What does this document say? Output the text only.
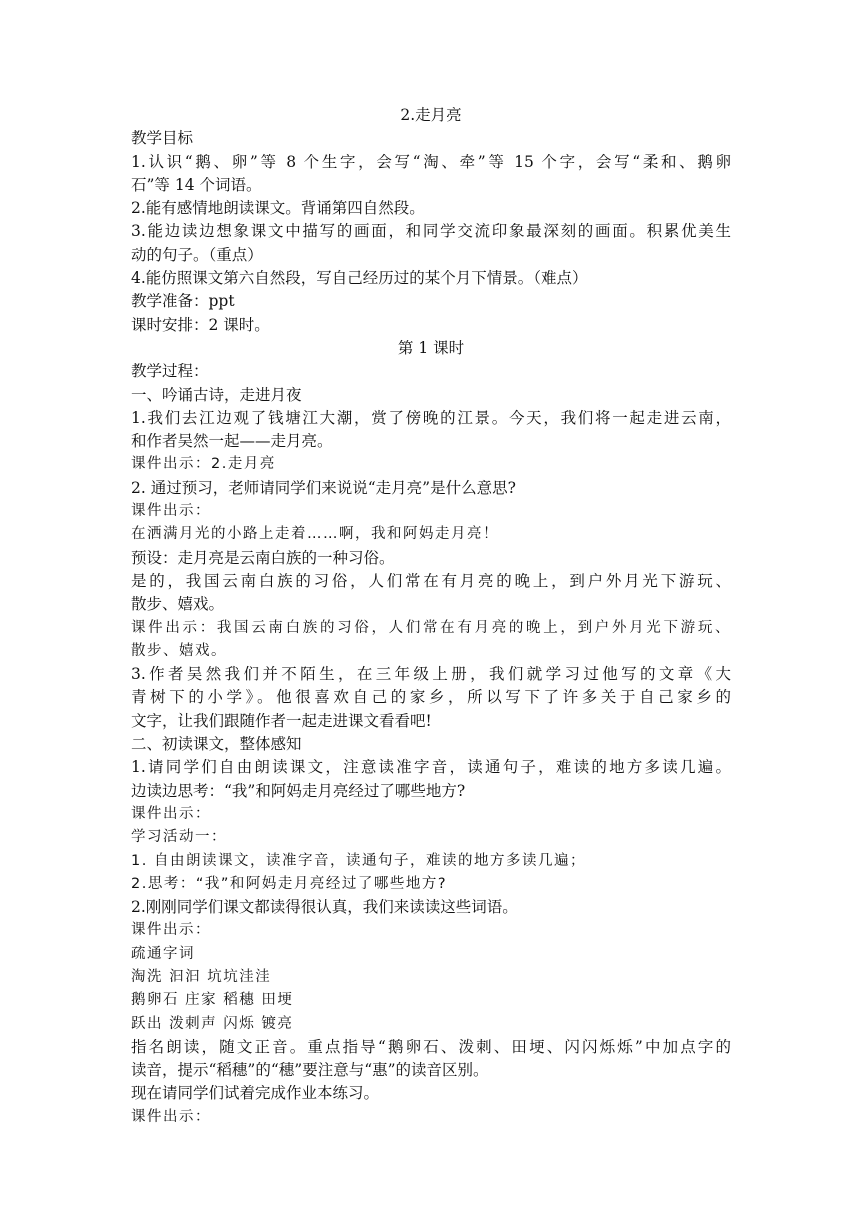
2.走月亮

教学目标

1.认识“鹅、卵”等 8 个生字，会写“淘、牵”等 15 个字，会写“柔和、鹅卵

石”等 14 个词语。

2.能有感情地朗读课文。背诵第四自然段。

3.能边读边想象课文中描写的画面，和同学交流印象最深刻的画面。积累优美生

动的句子。（重点）

4.能仿照课文第六自然段，写自己经历过的某个月下情景。（难点）

教学准备：ppt

课时安排：2 课时。

第 1 课时

教学过程：

一、吟诵古诗，走进月夜

1.我们去江边观了钱塘江大潮，赏了傍晚的江景。今天，我们将一起走进云南，

和作者吴然一起——走月亮。

课件出示：2.走月亮

2. 通过预习，老师请同学们来说说“走月亮”是什么意思?

课件出示：

在洒满月光的小路上走着……啊，我和阿妈走月亮！

预设：走月亮是云南白族的一种习俗。

是的，我国云南白族的习俗，人们常在有月亮的晚上，到户外月光下游玩、

散步、嬉戏。

课件出示：我国云南白族的习俗，人们常在有月亮的晚上，到户外月光下游玩、

散步、嬉戏。

3.作者吴然我们并不陌生，在三年级上册，我们就学习过他写的文章《大

青树下的小学》。他很喜欢自己的家乡，所以写下了许多关于自己家乡的

文字，让我们跟随作者一起走进课文看看吧!

二、初读课文，整体感知

1.请同学们自由朗读课文，注意读准字音，读通句子，难读的地方多读几遍。

边读边思考：“我”和阿妈走月亮经过了哪些地方?

课件出示：

学习活动一：

1. 自由朗读课文，读准字音，读通句子，难读的地方多读几遍；

2.思考：“我”和阿妈走月亮经过了哪些地方?

2.刚刚同学们课文都读得很认真，我们来读读这些词语。

课件出示：

疏通字词

淘洗 汩汩 坑坑洼洼

鹅卵石 庄家 稻穗 田埂

跃出 泼刺声 闪烁 镀亮

指名朗读，随文正音。重点指导“鹅卵石、泼刺、田埂、闪闪烁烁”中加点字的

读音，提示“稻穗”的“穗”要注意与“惠”的读音区别。

现在请同学们试着完成作业本练习。

课件出示：
